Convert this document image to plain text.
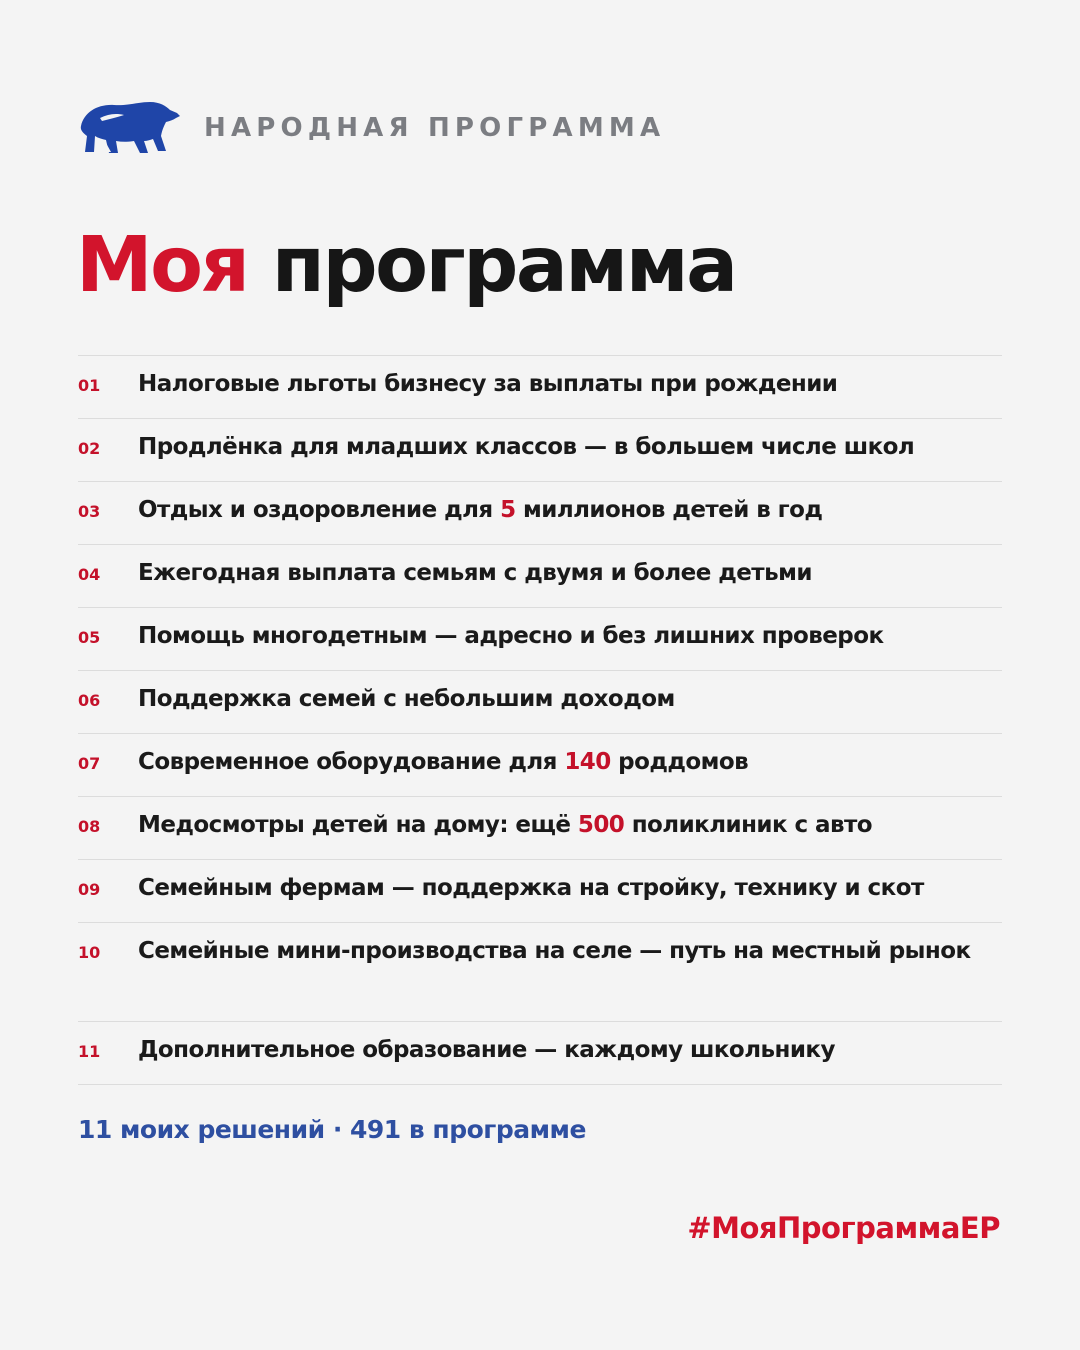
НАРОДНАЯ ПРОГРАММА
Моя программа
01	Налоговые льготы бизнесу за выплаты при рождении
02	Продлёнка для младших классов — в большем числе школ
03	Отдых и оздоровление для 5 миллионов детей в год
04	Ежегодная выплата семьям с двумя и более детьми
05	Помощь многодетным — адресно и без лишних проверок
06	Поддержка семей с небольшим доходом
07	Современное оборудование для 140 роддомов
08	Медосмотры детей на дому: ещё 500 поликлиник с авто
09	Семейным фермам — поддержка на стройку, технику и скот
10	Семейные мини-производства на селе — путь на местный рынок
11	Дополнительное образование — каждому школьнику
11 моих решений · 491 в программе
#МояПрограммаЕР
